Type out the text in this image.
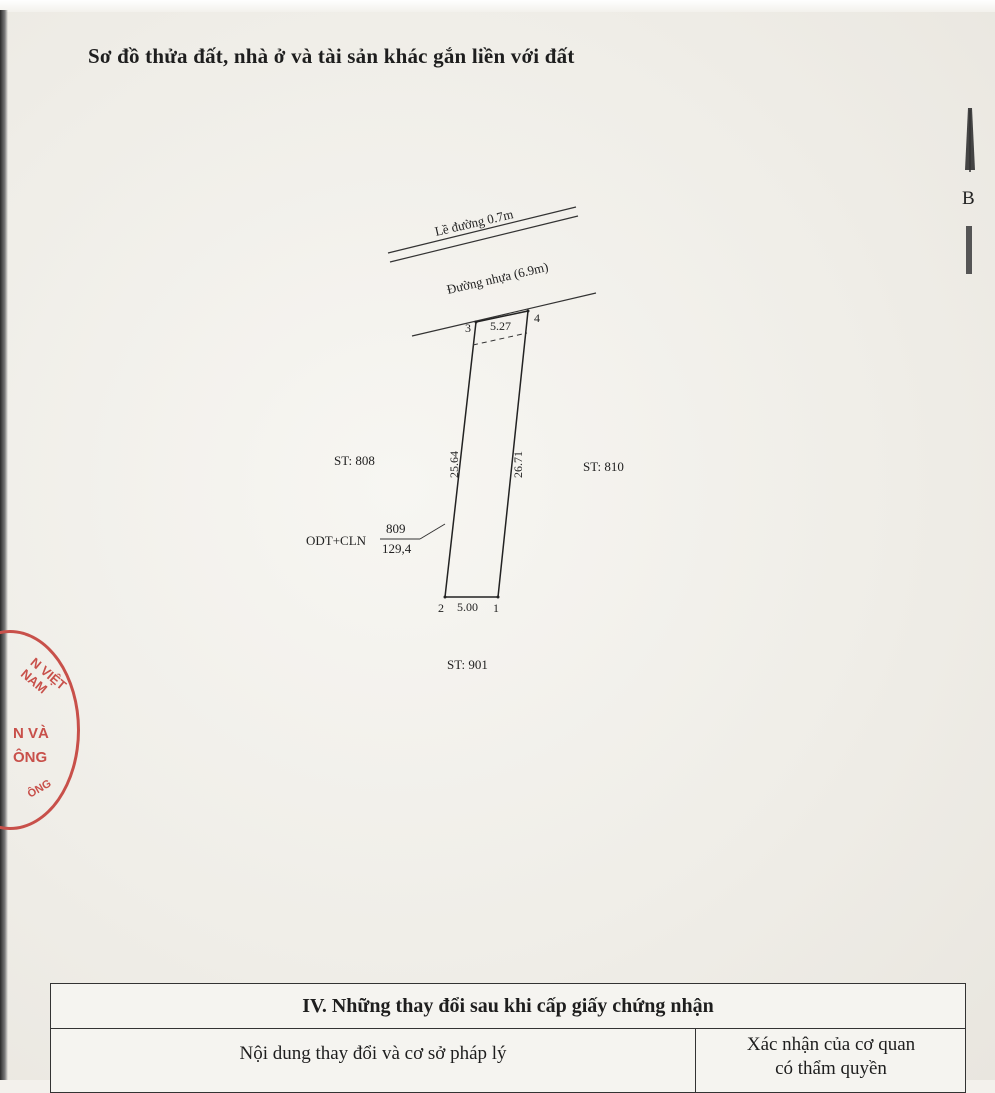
Sơ đồ thửa đất, nhà ở và tài sản khác gắn liền với đất
B
Lề đường 0.7m
Đường nhựa (6.9m)
1
2
3
4
5.27
25.64	26.71
5.00
809
ODT+CLN
129,4
ST: 808	ST: 810
ST: 901
N VIỆT NAM
N VÀ
ÔNG
ÔNG
IV. Những thay đổi sau khi cấp giấy chứng nhận
Nội dung thay đổi và cơ sở pháp lý	Xác nhận của cơ quan
có thẩm quyền
